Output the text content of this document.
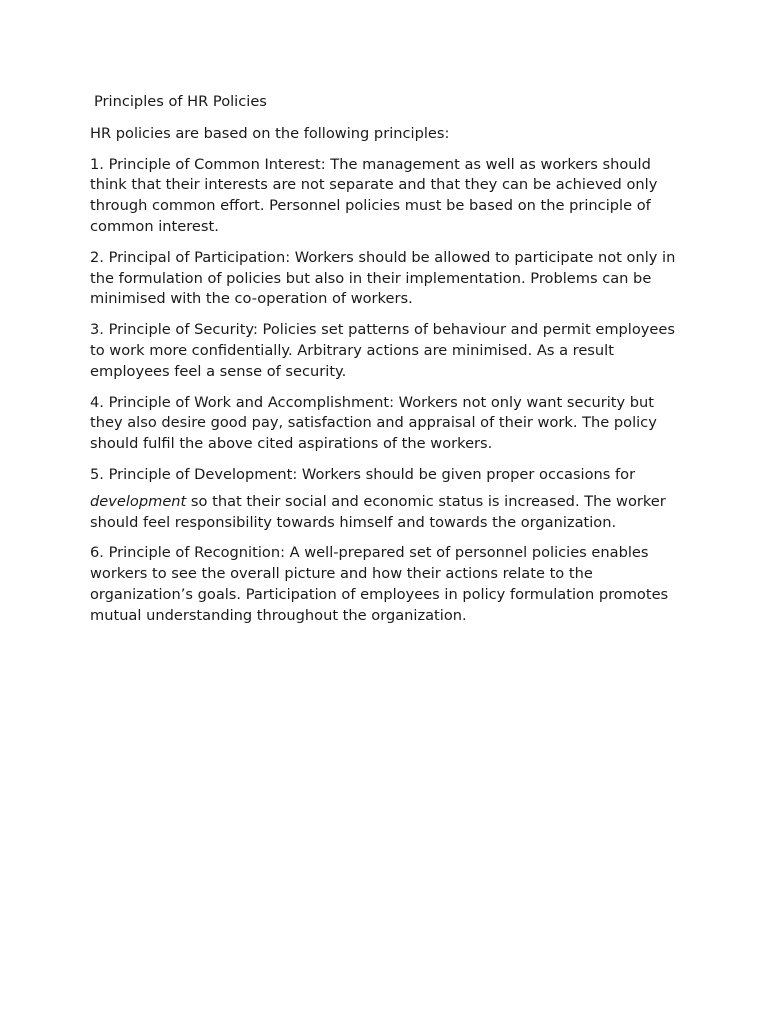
Principles of HR Policies

HR policies are based on the following principles:

1. Principle of Common Interest: The management as well as workers should think that their interests are not separate and that they can be achieved only through common effort. Personnel policies must be based on the principle of common interest.

2. Principal of Participation: Workers should be allowed to participate not only in the formulation of policies but also in their implementation. Problems can be minimised with the co-operation of workers.

3. Principle of Security: Policies set patterns of behaviour and permit employees to work more confidentially. Arbitrary actions are minimised. As a result employees feel a sense of security.

4. Principle of Work and Accomplishment: Workers not only want security but they also desire good pay, satisfaction and appraisal of their work. The policy should fulfil the above cited aspirations of the workers.

5. Principle of Development: Workers should be given proper occasions for
development so that their social and economic status is increased. The worker should feel responsibility towards himself and towards the organization.

6. Principle of Recognition: A well-prepared set of personnel policies enables workers to see the overall picture and how their actions relate to the organization’s goals. Participation of employees in policy formulation promotes mutual understanding throughout the organization.
